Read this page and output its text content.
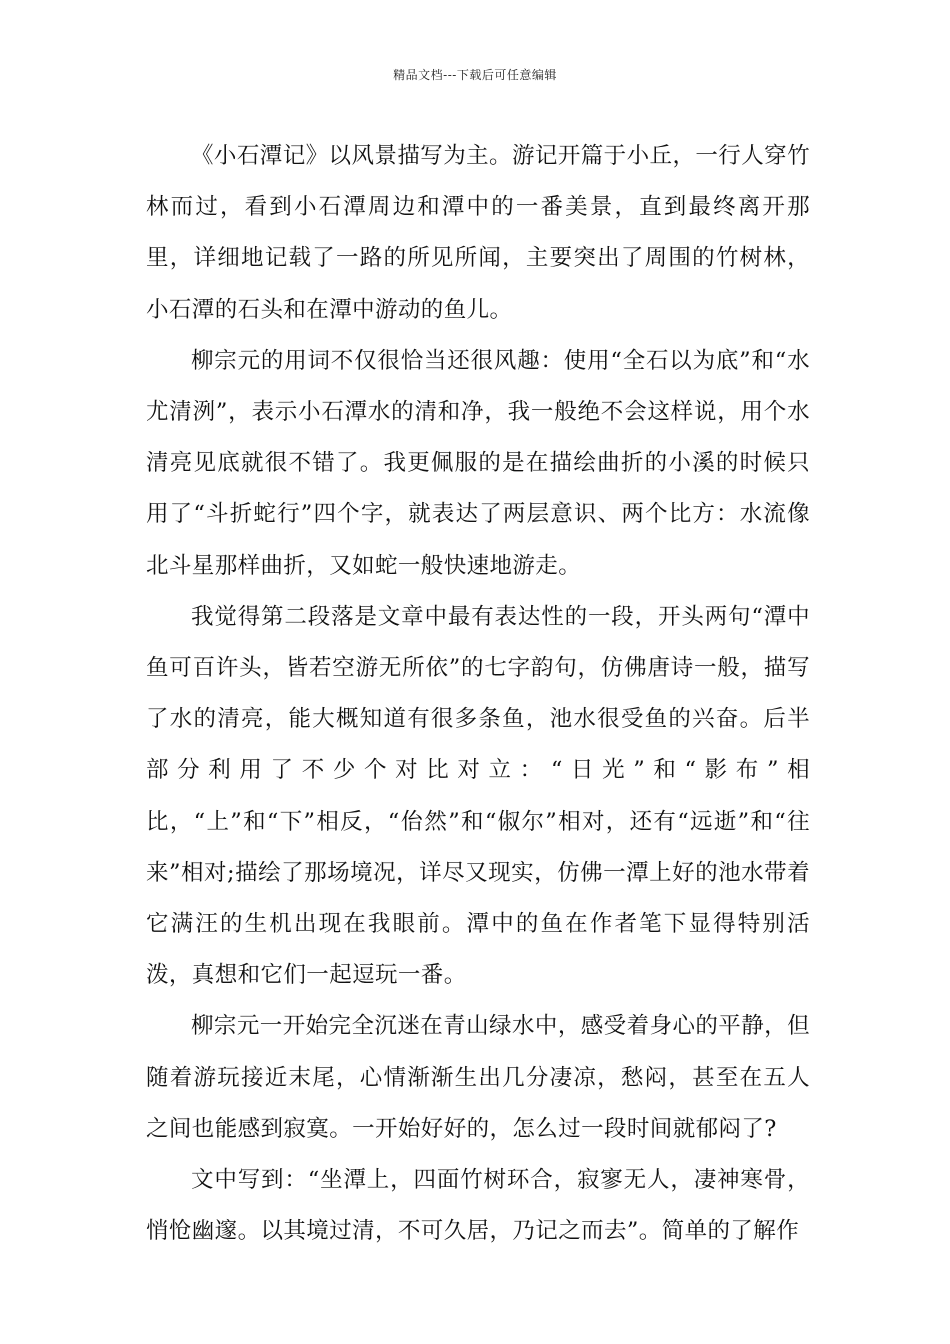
精品文档---下载后可任意编辑

《小石潭记》以风景描写为主。游记开篇于小丘，一行人穿竹林而过，看到小石潭周边和潭中的一番美景，直到最终离开那里，详细地记载了一路的所见所闻，主要突出了周围的竹树林，小石潭的石头和在潭中游动的鱼儿。

柳宗元的用词不仅很恰当还很风趣：使用“全石以为底”和“水尤清洌”，表示小石潭水的清和净，我一般绝不会这样说，用个水清亮见底就很不错了。我更佩服的是在描绘曲折的小溪的时候只用了“斗折蛇行”四个字，就表达了两层意识、两个比方：水流像北斗星那样曲折，又如蛇一般快速地游走。

我觉得第二段落是文章中最有表达性的一段，开头两句“潭中鱼可百许头，皆若空游无所依”的七字韵句，仿佛唐诗一般，描写了水的清亮，能大概知道有很多条鱼，池水很受鱼的兴奋。后半部分利用了不少个对比对立：“日光”和“影布”相比，“上”和“下”相反，“佁然”和“俶尔”相对，还有“远逝”和“往来”相对;描绘了那场境况，详尽又现实，仿佛一潭上好的池水带着它满汪的生机出现在我眼前。潭中的鱼在作者笔下显得特别活泼，真想和它们一起逗玩一番。

柳宗元一开始完全沉迷在青山绿水中，感受着身心的平静，但随着游玩接近末尾，心情渐渐生出几分凄凉，愁闷，甚至在五人之间也能感到寂寞。一开始好好的，怎么过一段时间就郁闷了?

文中写到：“坐潭上，四面竹树环合，寂寥无人，凄神寒骨，悄怆幽邃。以其境过清，不可久居，乃记之而去”。简单的了解作
